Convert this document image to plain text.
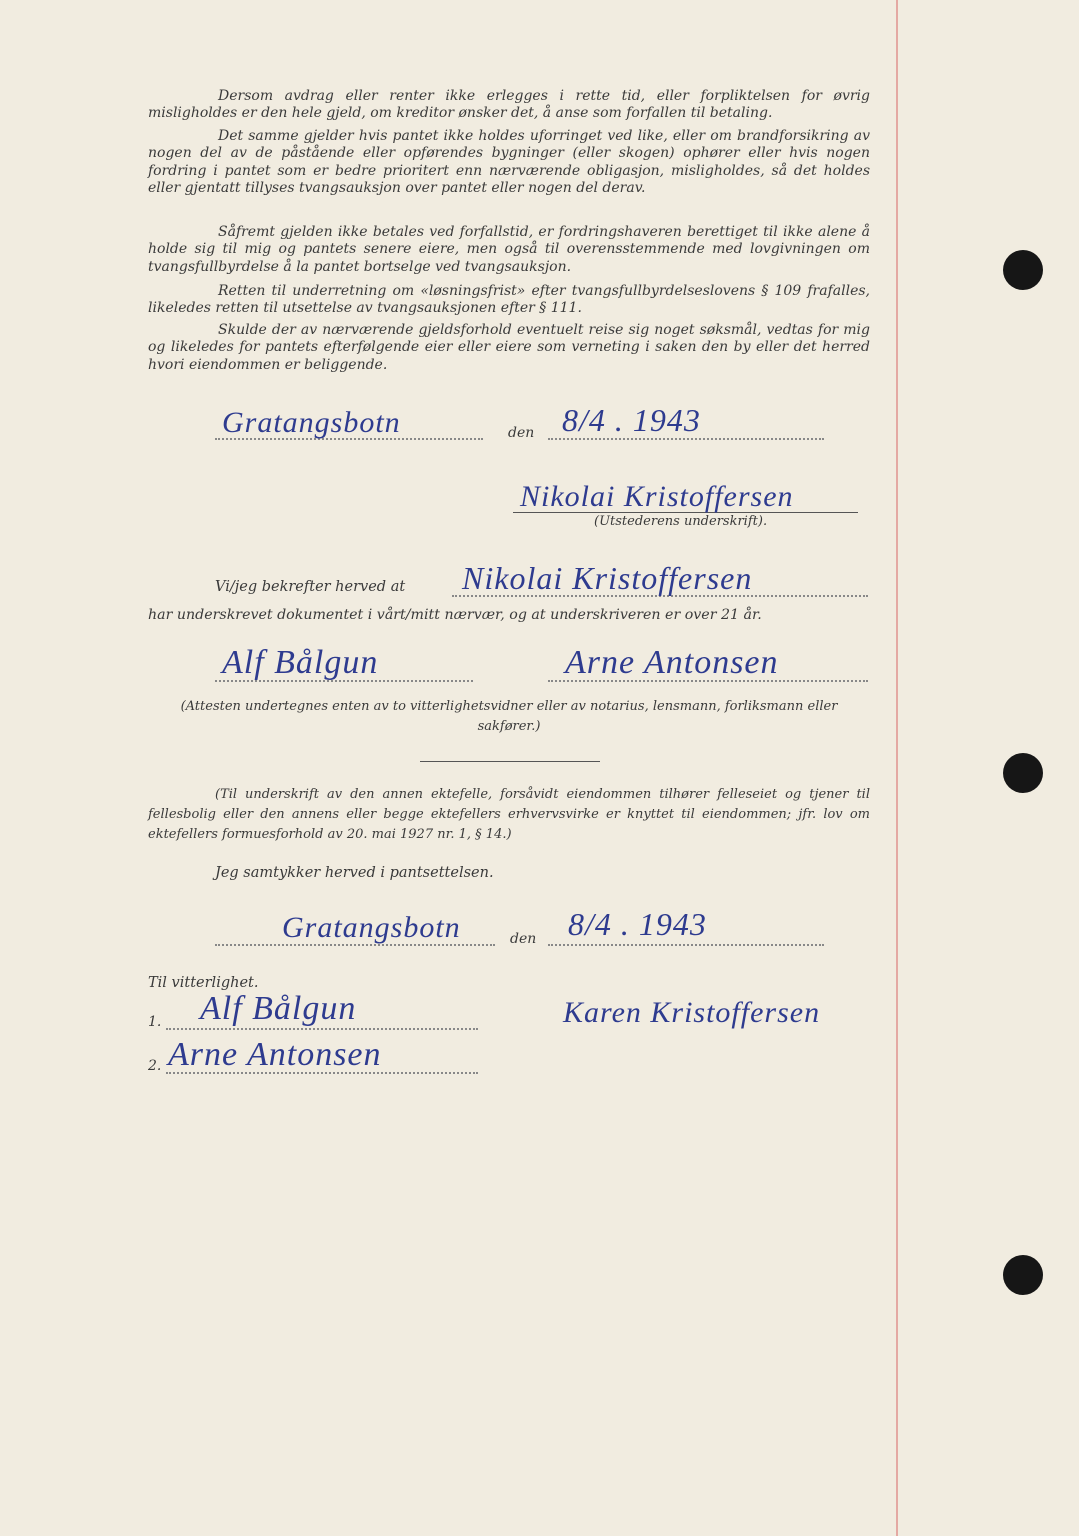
Dersom avdrag eller renter ikke erlegges i rette tid, eller forpliktelsen for øvrig misligholdes er den hele gjeld, om kreditor ønsker det, å anse som forfallen til betaling.

Det samme gjelder hvis pantet ikke holdes uforringet ved like, eller om brandforsikring av nogen del av de påstående eller opførendes bygninger (eller skogen) ophører eller hvis nogen fordring i pantet som er bedre prioritert enn nærværende obligasjon, misligholdes, så det holdes eller gjentatt tillyses tvangsauksjon over pantet eller nogen del derav.

Såfremt gjelden ikke betales ved forfallstid, er fordringshaveren berettiget til ikke alene å holde sig til mig og pantets senere eiere, men også til overensstemmende med lovgivningen om tvangsfullbyrdelse å la pantet bortselge ved tvangsauksjon.

Retten til underretning om «løsningsfrist» efter tvangsfullbyrdelseslovens § 109 frafalles, likeledes retten til utsettelse av tvangsauksjonen efter § 111.

Skulde der av nærværende gjeldsforhold eventuelt reise sig noget søksmål, vedtas for mig og likeledes for pantets efterfølgende eier eller eiere som verneting i saken den by eller det herred hvori eiendommen er beliggende.

Gratangsbotn	den 8/4 . 1943
Nikolai Kristoffersen
(Utstederens underskrift).
Vi/jeg bekrefter herved at Nikolai Kristoffersen
har underskrevet dokumentet i vårt/mitt nærvær, og at underskriveren er over 21 år.
Alf Bålgun	Arne Antonsen

(Attesten undertegnes enten av to vitterlighetsvidner eller av notarius, lensmann, forliksmann eller sakfører.)

(Til underskrift av den annen ektefelle, forsåvidt eiendommen tilhører felleseiet og tjener til fellesbolig eller den annens eller begge ektefellers erhvervsvirke er knyttet til eiendommen; jfr. lov om ektefellers formuesforhold av 20. mai 1927 nr. 1, § 14.)

Jeg samtykker herved i pantsettelsen.
Gratangsbotn	den 8/4 . 1943
Til vitterlighet.
1. Alf Bålgun	Karen Kristoffersen
2. Arne Antonsen
